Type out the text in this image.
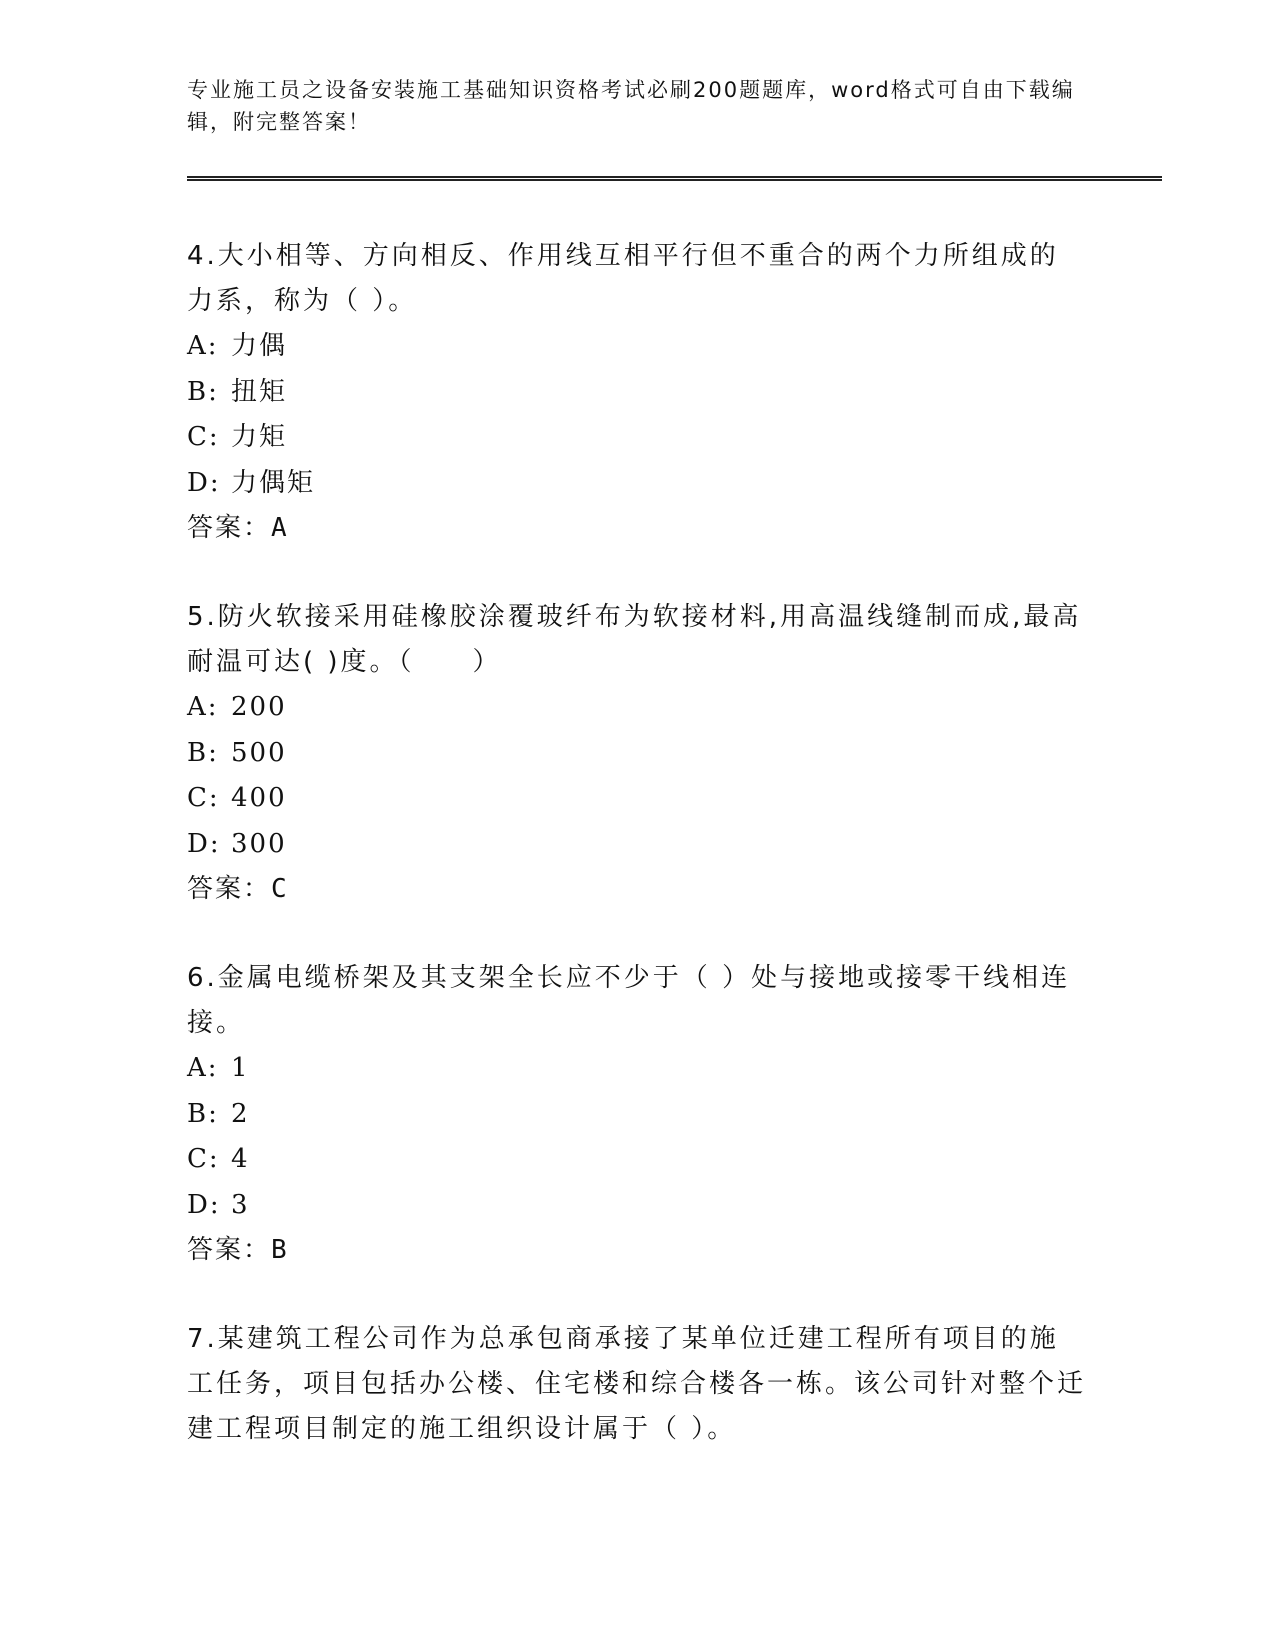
专业施工员之设备安装施工基础知识资格考试必刷200题题库，word格式可自由下载编辑，附完整答案！

4.大小相等、方向相反、作用线互相平行但不重合的两个力所组成的力系，称为（ ）。

A: 力偶

B: 扭矩

C: 力矩

D: 力偶矩

答案：A

5.防火软接采用硅橡胶涂覆玻纤布为软接材料,用高温线缝制而成,最高耐温可达( )度。（　　）

A: 200

B: 500

C: 400

D: 300

答案：C

6.金属电缆桥架及其支架全长应不少于（ ）处与接地或接零干线相连接。

A: 1

B: 2

C: 4

D: 3

答案：B

7.某建筑工程公司作为总承包商承接了某单位迁建工程所有项目的施工任务，项目包括办公楼、住宅楼和综合楼各一栋。该公司针对整个迁建工程项目制定的施工组织设计属于（ ）。
